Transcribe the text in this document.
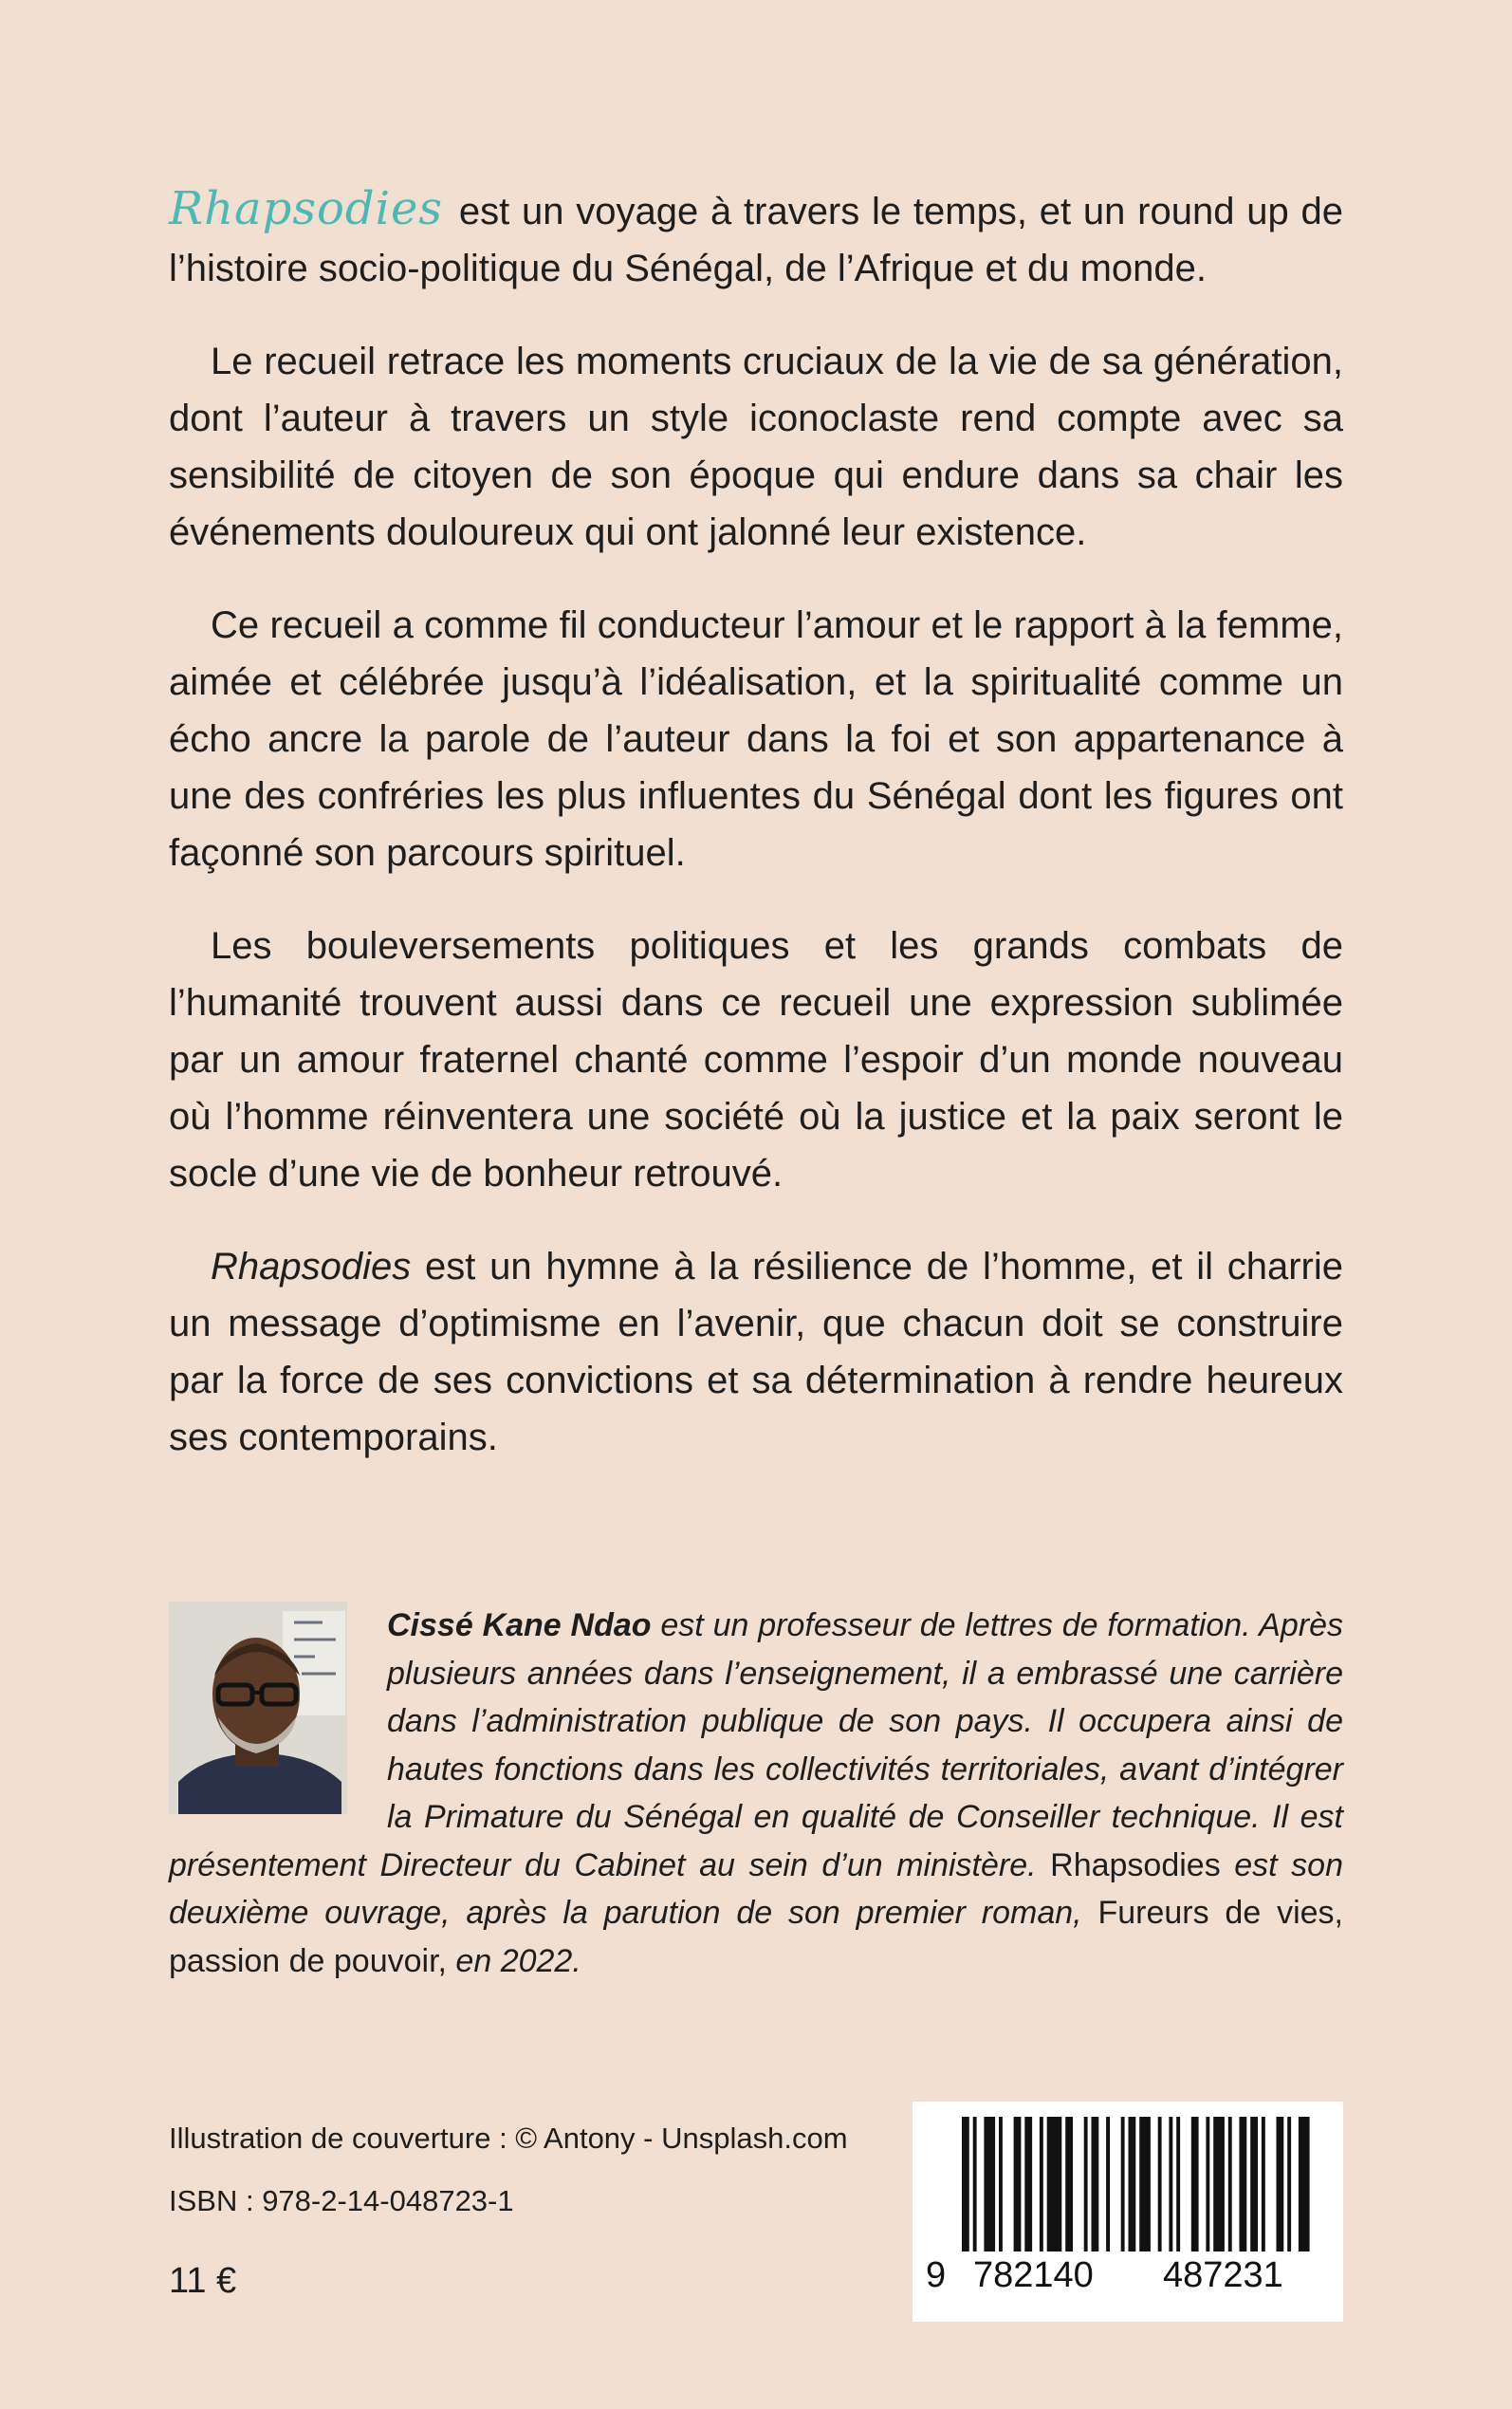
Rhapsodies est un voyage à travers le temps, et un round up de l’histoire socio-politique du Sénégal, de l’Afrique et du monde.

Le recueil retrace les moments cruciaux de la vie de sa génération, dont l’auteur à travers un style iconoclaste rend compte avec sa sensibilité de citoyen de son époque qui endure dans sa chair les événements douloureux qui ont jalonné leur existence.

Ce recueil a comme fil conducteur l’amour et le rapport à la femme, aimée et célébrée jusqu’à l’idéalisation, et la spiritualité comme un écho ancre la parole de l’auteur dans la foi et son appartenance à une des confréries les plus influentes du Sénégal dont les figures ont façonné son parcours spirituel.

Les bouleversements politiques et les grands combats de l’humanité trouvent aussi dans ce recueil une expression sublimée par un amour fraternel chanté comme l’espoir d’un monde nouveau où l’homme réinventera une société où la justice et la paix seront le socle d’une vie de bonheur retrouvé.

Rhapsodies est un hymne à la résilience de l’homme, et il charrie un message d’optimisme en l’avenir, que chacun doit se construire par la force de ses convictions et sa détermination à rendre heureux ses contemporains.

Cissé Kane Ndao est un professeur de lettres de formation. Après plusieurs années dans l’enseignement, il a embrassé une carrière dans l’administration publique de son pays. Il occupera ainsi de hautes fonctions dans les collectivités territoriales, avant d’intégrer la Primature du Sénégal en qualité de Conseiller technique. Il est présentement Directeur du Cabinet au sein d’un ministère. Rhapsodies est son deuxième ouvrage, après la parution de son premier roman, Fureurs de vies, passion de pouvoir, en 2022.

Illustration de couverture : © Antony - Unsplash.com

ISBN : 978-2-14-048723-1

11 €	9 782140 487231
